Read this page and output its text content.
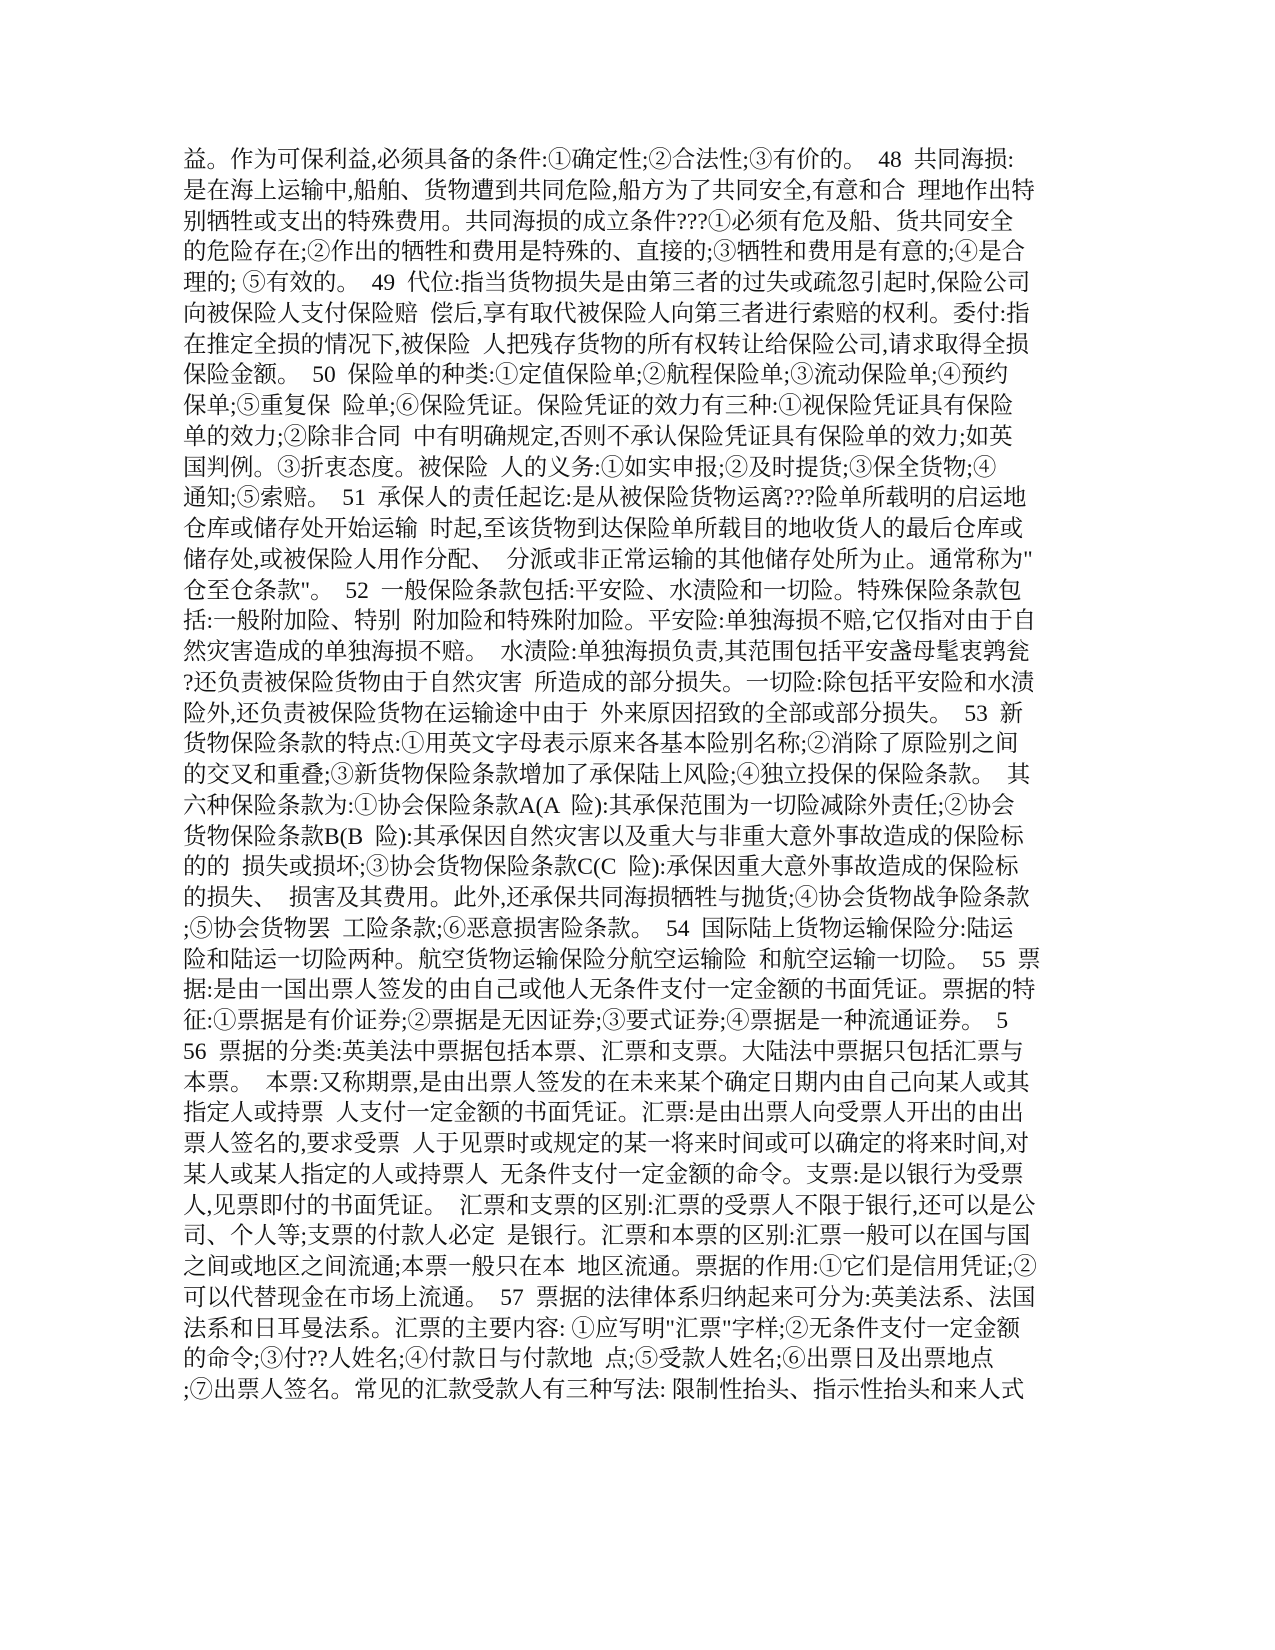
益。作为可保利益,必须具备的条件:①确定性;②合法性;③有价的。  48  共同海损:
是在海上运输中,船舶、货物遭到共同危险,船方为了共同安全,有意和合  理地作出特
别牺牲或支出的特殊费用。共同海损的成立条件???①必须有危及船、货共同安全
的危险存在;②作出的牺牲和费用是特殊的、直接的;③牺牲和费用是有意的;④是合
理的; ⑤有效的。  49  代位:指当货物损失是由第三者的过失或疏忽引起时,保险公司
向被保险人支付保险赔  偿后,享有取代被保险人向第三者进行索赔的权利。委付:指
在推定全损的情况下,被保险  人把残存货物的所有权转让给保险公司,请求取得全损
保险金额。  50  保险单的种类:①定值保险单;②航程保险单;③流动保险单;④预约
保单;⑤重复保  险单;⑥保险凭证。保险凭证的效力有三种:①视保险凭证具有保险
单的效力;②除非合同  中有明确规定,否则不承认保险凭证具有保险单的效力;如英
国判例。③折衷态度。被保险  人的义务:①如实申报;②及时提货;③保全货物;④
通知;⑤索赔。  51  承保人的责任起讫:是从被保险货物运离???险单所载明的启运地
仓库或储存处开始运输  时起,至该货物到达保险单所载目的地收货人的最后仓库或
储存处,或被保险人用作分配、  分派或非正常运输的其他储存处所为止。通常称为"
仓至仓条款"。  52  一般保险条款包括:平安险、水渍险和一切险。特殊保险条款包
括:一般附加险、特别  附加险和特殊附加险。平安险:单独海损不赔,它仅指对由于自
然灾害造成的单独海损不赔。  水渍险:单独海损负责,其范围包括平安盏母髦衷鹑瓮
?还负责被保险货物由于自然灾害  所造成的部分损失。一切险:除包括平安险和水渍
险外,还负责被保险货物在运输途中由于  外来原因招致的全部或部分损失。  53  新
货物保险条款的特点:①用英文字母表示原来各基本险别名称;②消除了原险别之间
的交叉和重叠;③新货物保险条款增加了承保陆上风险;④独立投保的保险条款。  其
六种保险条款为:①协会保险条款A(A  险):其承保范围为一切险减除外责任;②协会
货物保险条款B(B  险):其承保因自然灾害以及重大与非重大意外事故造成的保险标
的的  损失或损坏;③协会货物保险条款C(C  险):承保因重大意外事故造成的保险标
的损失、  损害及其费用。此外,还承保共同海损牺牲与抛货;④协会货物战争险条款
;⑤协会货物罢  工险条款;⑥恶意损害险条款。  54  国际陆上货物运输保险分:陆运
险和陆运一切险两种。航空货物运输保险分航空运输险  和航空运输一切险。  55  票
据:是由一国出票人签发的由自己或他人无条件支付一定金额的书面凭证。票据的特
征:①票据是有价证券;②票据是无因证券;③要式证券;④票据是一种流通证券。  5
56  票据的分类:英美法中票据包括本票、汇票和支票。大陆法中票据只包括汇票与
本票。  本票:又称期票,是由出票人签发的在未来某个确定日期内由自己向某人或其
指定人或持票  人支付一定金额的书面凭证。汇票:是由出票人向受票人开出的由出
票人签名的,要求受票  人于见票时或规定的某一将来时间或可以确定的将来时间,对
某人或某人指定的人或持票人  无条件支付一定金额的命令。支票:是以银行为受票
人,见票即付的书面凭证。  汇票和支票的区别:汇票的受票人不限于银行,还可以是公
司、个人等;支票的付款人必定  是银行。汇票和本票的区别:汇票一般可以在国与国
之间或地区之间流通;本票一般只在本  地区流通。票据的作用:①它们是信用凭证;②
可以代替现金在市场上流通。  57  票据的法律体系归纳起来可分为:英美法系、法国
法系和日耳曼法系。汇票的主要内容: ①应写明"汇票"字样;②无条件支付一定金额
的命令;③付??人姓名;④付款日与付款地  点;⑤受款人姓名;⑥出票日及出票地点
;⑦出票人签名。常见的汇款受款人有三种写法: 限制性抬头、指示性抬头和来人式
